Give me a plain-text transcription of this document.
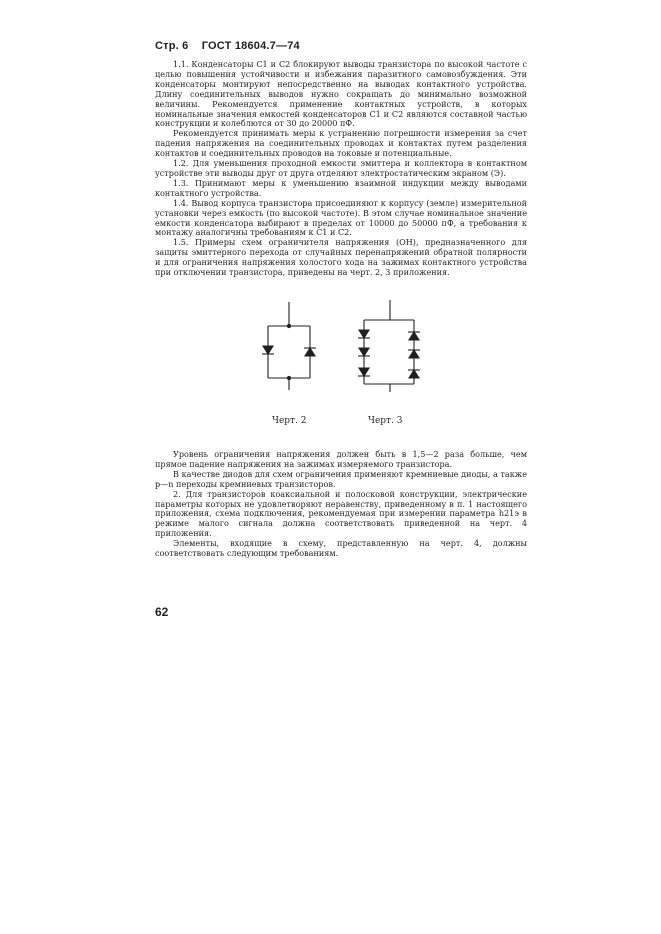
Стр. 6 ГОСТ 18604.7—74

1.1. Конденсаторы C1 и C2 блокируют выводы транзистора по высокой частоте с целью повышения устойчивости и избежания паразитного самовозбуждения. Эти конденсаторы монтируют непосредственно на выводах контактного устройства. Длину соединительных выводов нужно сокращать до минимально возможной величины. Рекомендуется применение контактных устройств, в которых номинальные значения емкостей конденсаторов C1 и C2 являются составной частью конструкции и колеблются от 30 до 20000 пФ.

Рекомендуется принимать меры к устранению погрешности измерения за счет падения напряжения на соединительных проводах и контактах путем разделения контактов и соединительных проводов на токовые и потенциальные.

1.2. Для уменьшения проходной емкости эмиттера и коллектора в контактном устройстве эти выводы друг от друга отделяют электростатическим экраном (Э).

1.3. Принимают меры к уменьшению взаимной индукции между выводами контактного устройства.

1.4. Вывод корпуса транзистора присоединяют к корпусу (земле) измерительной установки через емкость (по высокой частоте). В этом случае номинальное значение емкости конденсатора выбирают в пределах от 10000 до 50000 пФ, а требования к монтажу аналогичны требованиям к C1 и C2.

1.5. Примеры схем ограничителя напряжения (ОН), предназначенного для защиты эмиттерного перехода от случайных перенапряжений обратной полярности и для ограничения напряжения холостого хода на зажимах контактного устройства при отключении транзистора, приведены на черт. 2, 3 приложения.

Черт. 2	Черт. 3

Уровень ограничения напряжения должен быть в 1,5—2 раза больше, чем прямое падение напряжения на зажимах измеряемого транзистора.

В качестве диодов для схем ограничения применяют кремниевые диоды, а также p—n переходы кремниевых транзисторов.

2. Для транзисторов коаксиальной и полосковой конструкции, электрические параметры которых не удовлетворяют неравенству, приведенному в п. 1 настоящего приложения, схема подключения, рекомендуемая при измерении параметра h21э в режиме малого сигнала должна соответствовать приведенной на черт. 4 приложения.

Элементы, входящие в схему, представленную на черт. 4, должны соответствовать следующим требованиям.

62
